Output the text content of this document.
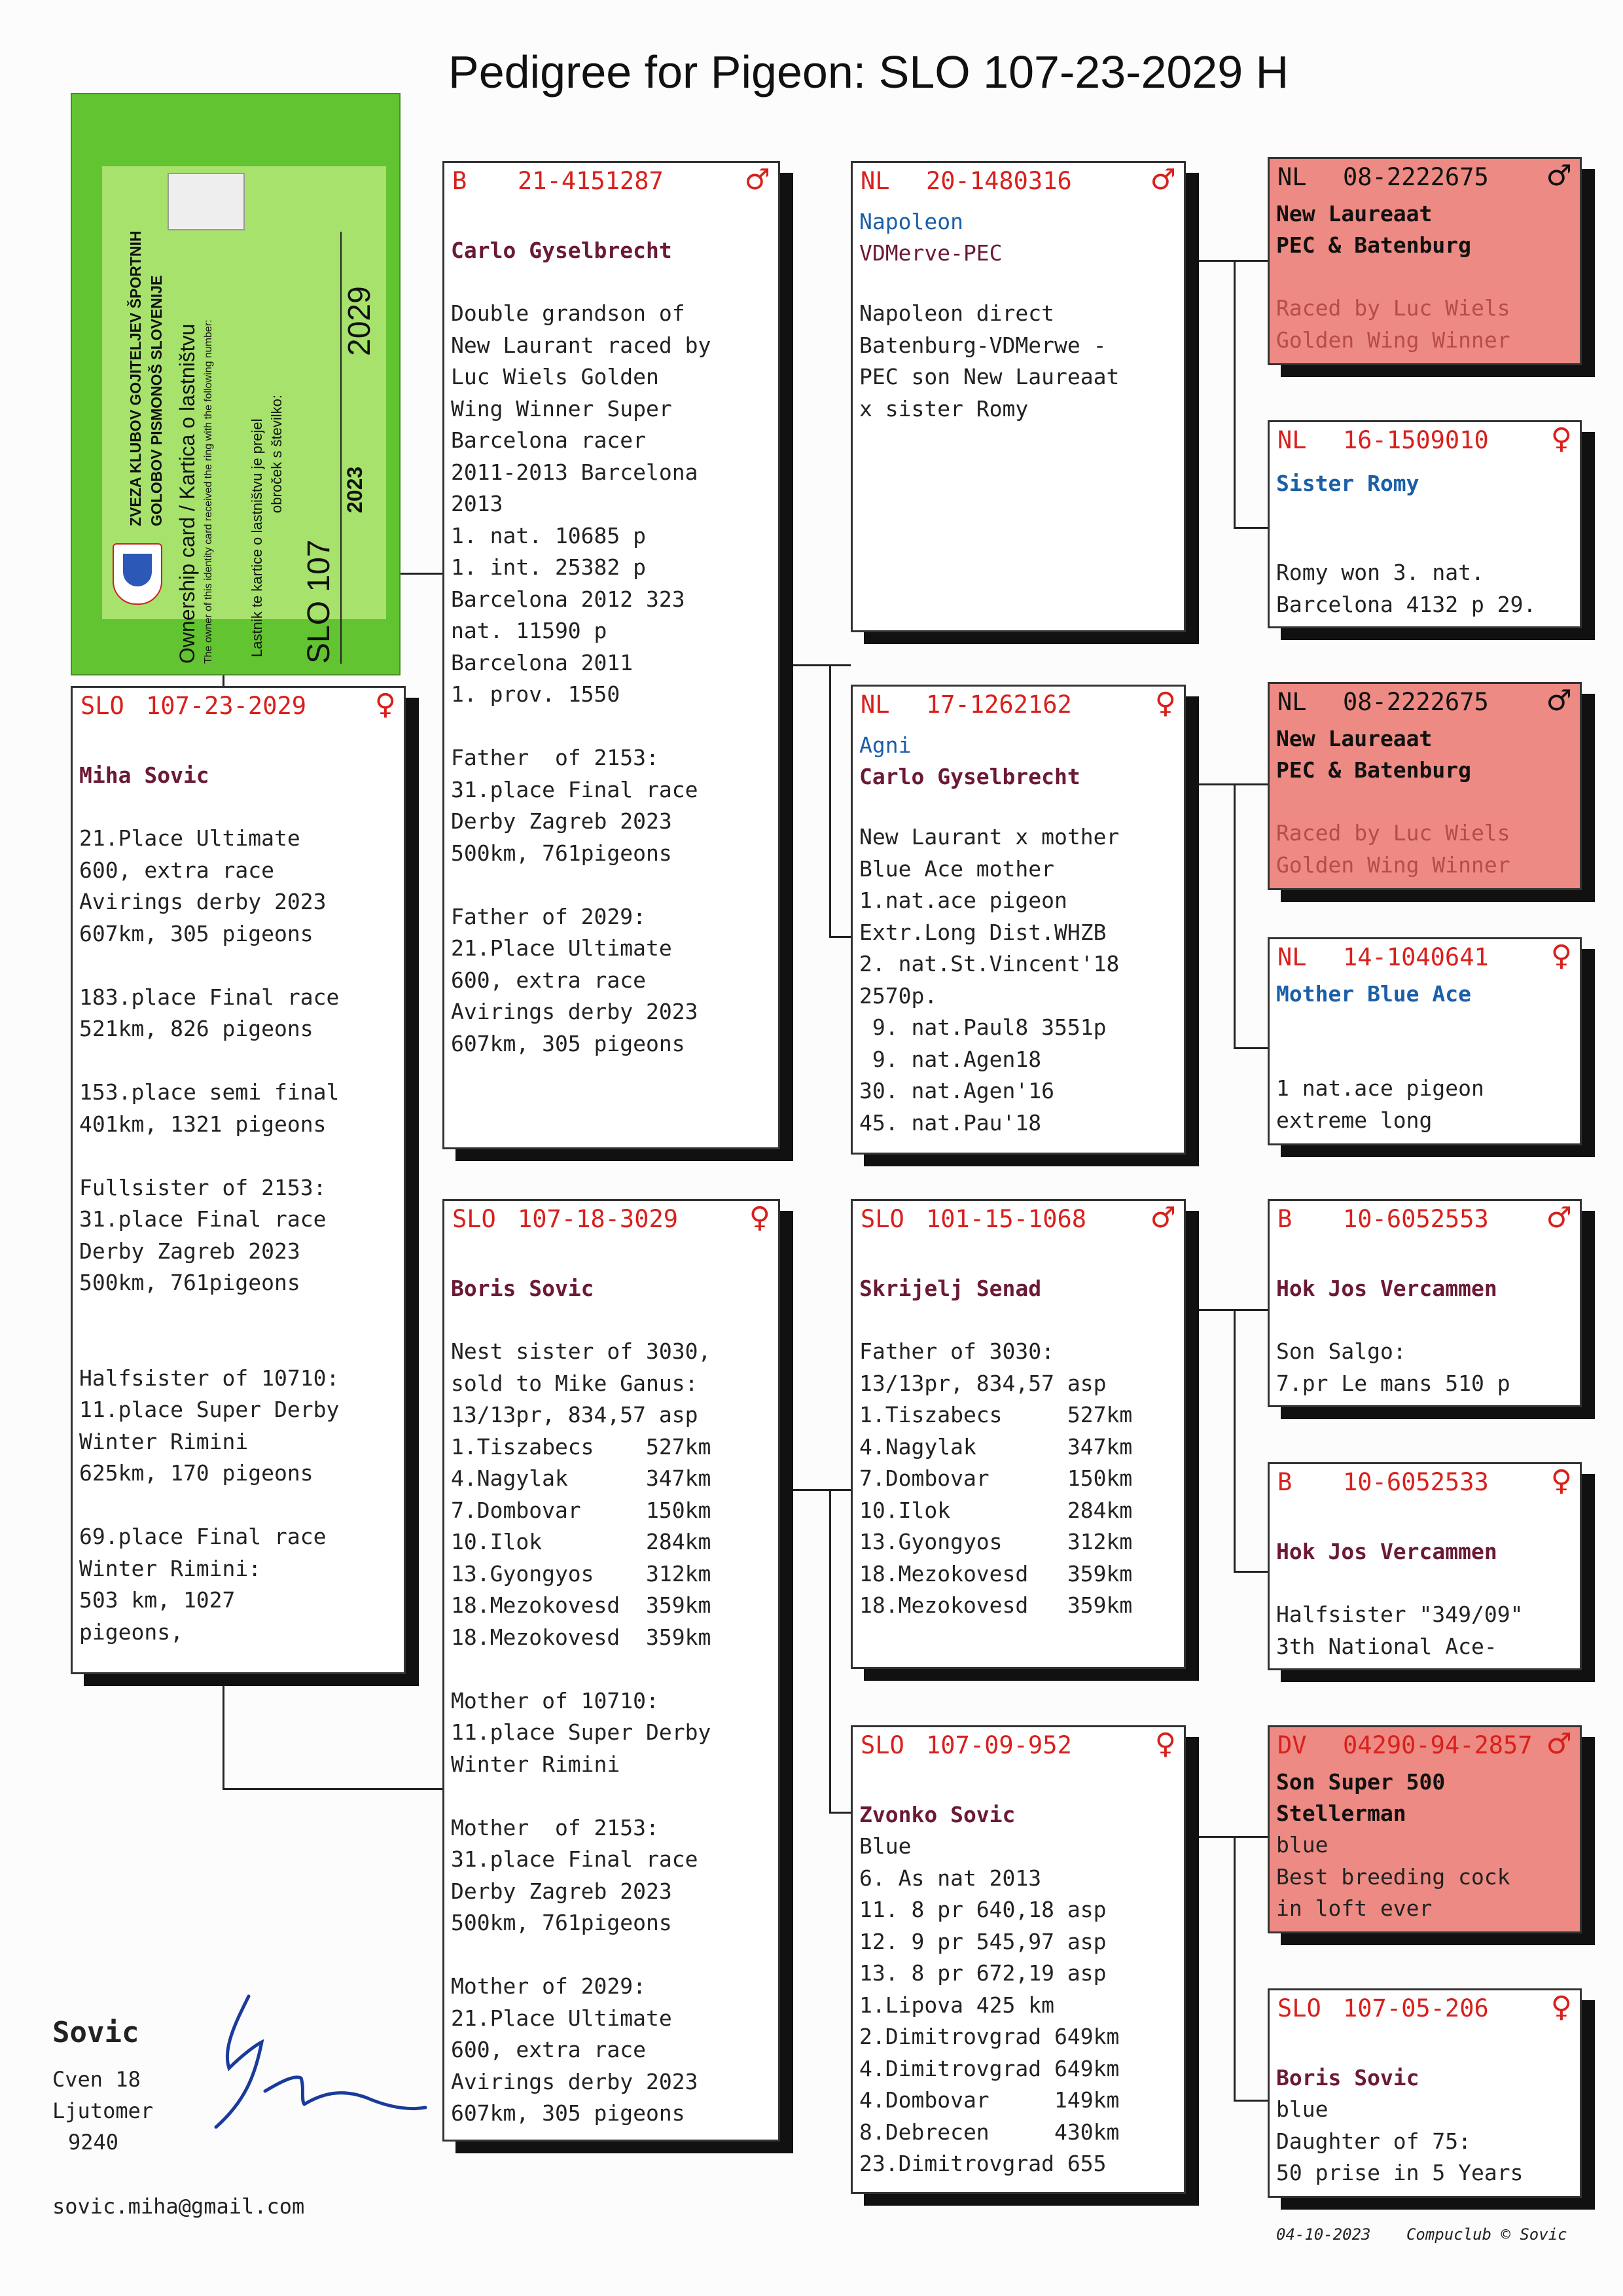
Pedigree for Pigeon: SLO 107-23-2029 H
ZVEZA KLUBOV GOJITELJEV ŠPORTNIH GOLOBOV PISMONOŠ SLOVENIJE Ownership card / Kartica o lastništvu The owner of this identity card received the ring with the following number: Lastnik te kartice o lastništvu je prejel obroček s številko:
SLO 107
2029
2023
SLO 107-23-2029 ♀
Miha Sovic
21.Place Ultimate
600, extra race
Avirings derby 2023
607km, 305 pigeons

183.place Final race
521km, 826 pigeons

153.place semi final
401km, 1321 pigeons

Fullsister of 2153:
31.place Final race
Derby Zagreb 2023
500km, 761pigeons

Halfsister of 10710:
11.place Super Derby
Winter Rimini
625km, 170 pigeons

69.place Final race
Winter Rimini:
503 km, 1027
pigeons,
B 21-4151287	♂
Carlo Gyselbrecht
Double grandson of
New Laurant raced by
Luc Wiels Golden
Wing Winner Super
Barcelona racer
2011-2013 Barcelona
2013
1. nat. 10685 p
1. int. 25382 p
Barcelona 2012 323
nat. 11590 p
Barcelona 2011
1. prov. 1550

Father  of 2153:
31.place Final race
Derby Zagreb 2023
500km, 761pigeons

Father of 2029:
21.Place Ultimate
600, extra race
Avirings derby 2023
607km, 305 pigeons
SLO 107-18-3029 ♀
Boris Sovic
Nest sister of 3030,
sold to Mike Ganus:
13/13pr, 834,57 asp
1.Tiszabecs    527km
4.Nagylak      347km
7.Dombovar     150km
10.Ilok        284km
13.Gyongyos    312km
18.Mezokovesd  359km
18.Mezokovesd  359km

Mother of 10710:
11.place Super Derby
Winter Rimini

Mother  of 2153:
31.place Final race
Derby Zagreb 2023
500km, 761pigeons

Mother of 2029:
21.Place Ultimate
600, extra race
Avirings derby 2023
607km, 305 pigeons
NL 20-1480316	♂
Napoleon
VDMerve-PEC
Napoleon direct
Batenburg-VDMerwe -
PEC son New Laureaat
x sister Romy
NL 17-1262162	♀
Agni
Carlo Gyselbrecht
New Laurant x mother
Blue Ace mother
1.nat.ace pigeon
Extr.Long Dist.WHZB
2. nat.St.Vincent'18
2570p.
9. nat.Paul8 3551p
9. nat.Agen18
30. nat.Agen'16
45. nat.Pau'18
SLO 101-15-1068 ♂
Skrijelj Senad
Father of 3030:
13/13pr, 834,57 asp
1.Tiszabecs     527km
4.Nagylak       347km
7.Dombovar      150km
10.Ilok         284km
13.Gyongyos     312km
18.Mezokovesd   359km
18.Mezokovesd   359km
SLO 107-09-952	♀
Zvonko Sovic
Blue
6. As nat 2013
11. 8 pr 640,18 asp
12. 9 pr 545,97 asp
13. 8 pr 672,19 asp
1.Lipova 425 km
2.Dimitrovgrad 649km
4.Dimitrovgrad 649km
4.Dombovar     149km
8.Debrecen     430km
23.Dimitrovgrad 655
NL 08-2222675 ♂
New Laureaat
PEC & Batenburg
Raced by Luc Wiels
Golden Wing Winner
NL 16-1509010 ♀
Sister Romy
Romy won 3. nat.
Barcelona 4132 p 29.
NL 08-2222675 ♂
New Laureaat
PEC & Batenburg
Raced by Luc Wiels
Golden Wing Winner
NL 14-1040641 ♀
Mother Blue Ace
1 nat.ace pigeon
extreme long
B 10-6052553 ♂
Hok Jos Vercammen
Son Salgo:
7.pr Le mans 510 p
B 10-6052533 ♀
Hok Jos Vercammen
Halfsister "349/09"
3th National Ace-
DV 04290-94-2857 ♂
Son Super 500
Stellerman
blue
Best breeding cock
in loft ever
SLO 107-05-206 ♀
Boris Sovic
blue
Daughter of 75:
50 prise in 5 Years
Sovic
Cven 18
Ljutomer
9240
sovic.miha@gmail.com
04-10-2023 Compuclub © Sovic
